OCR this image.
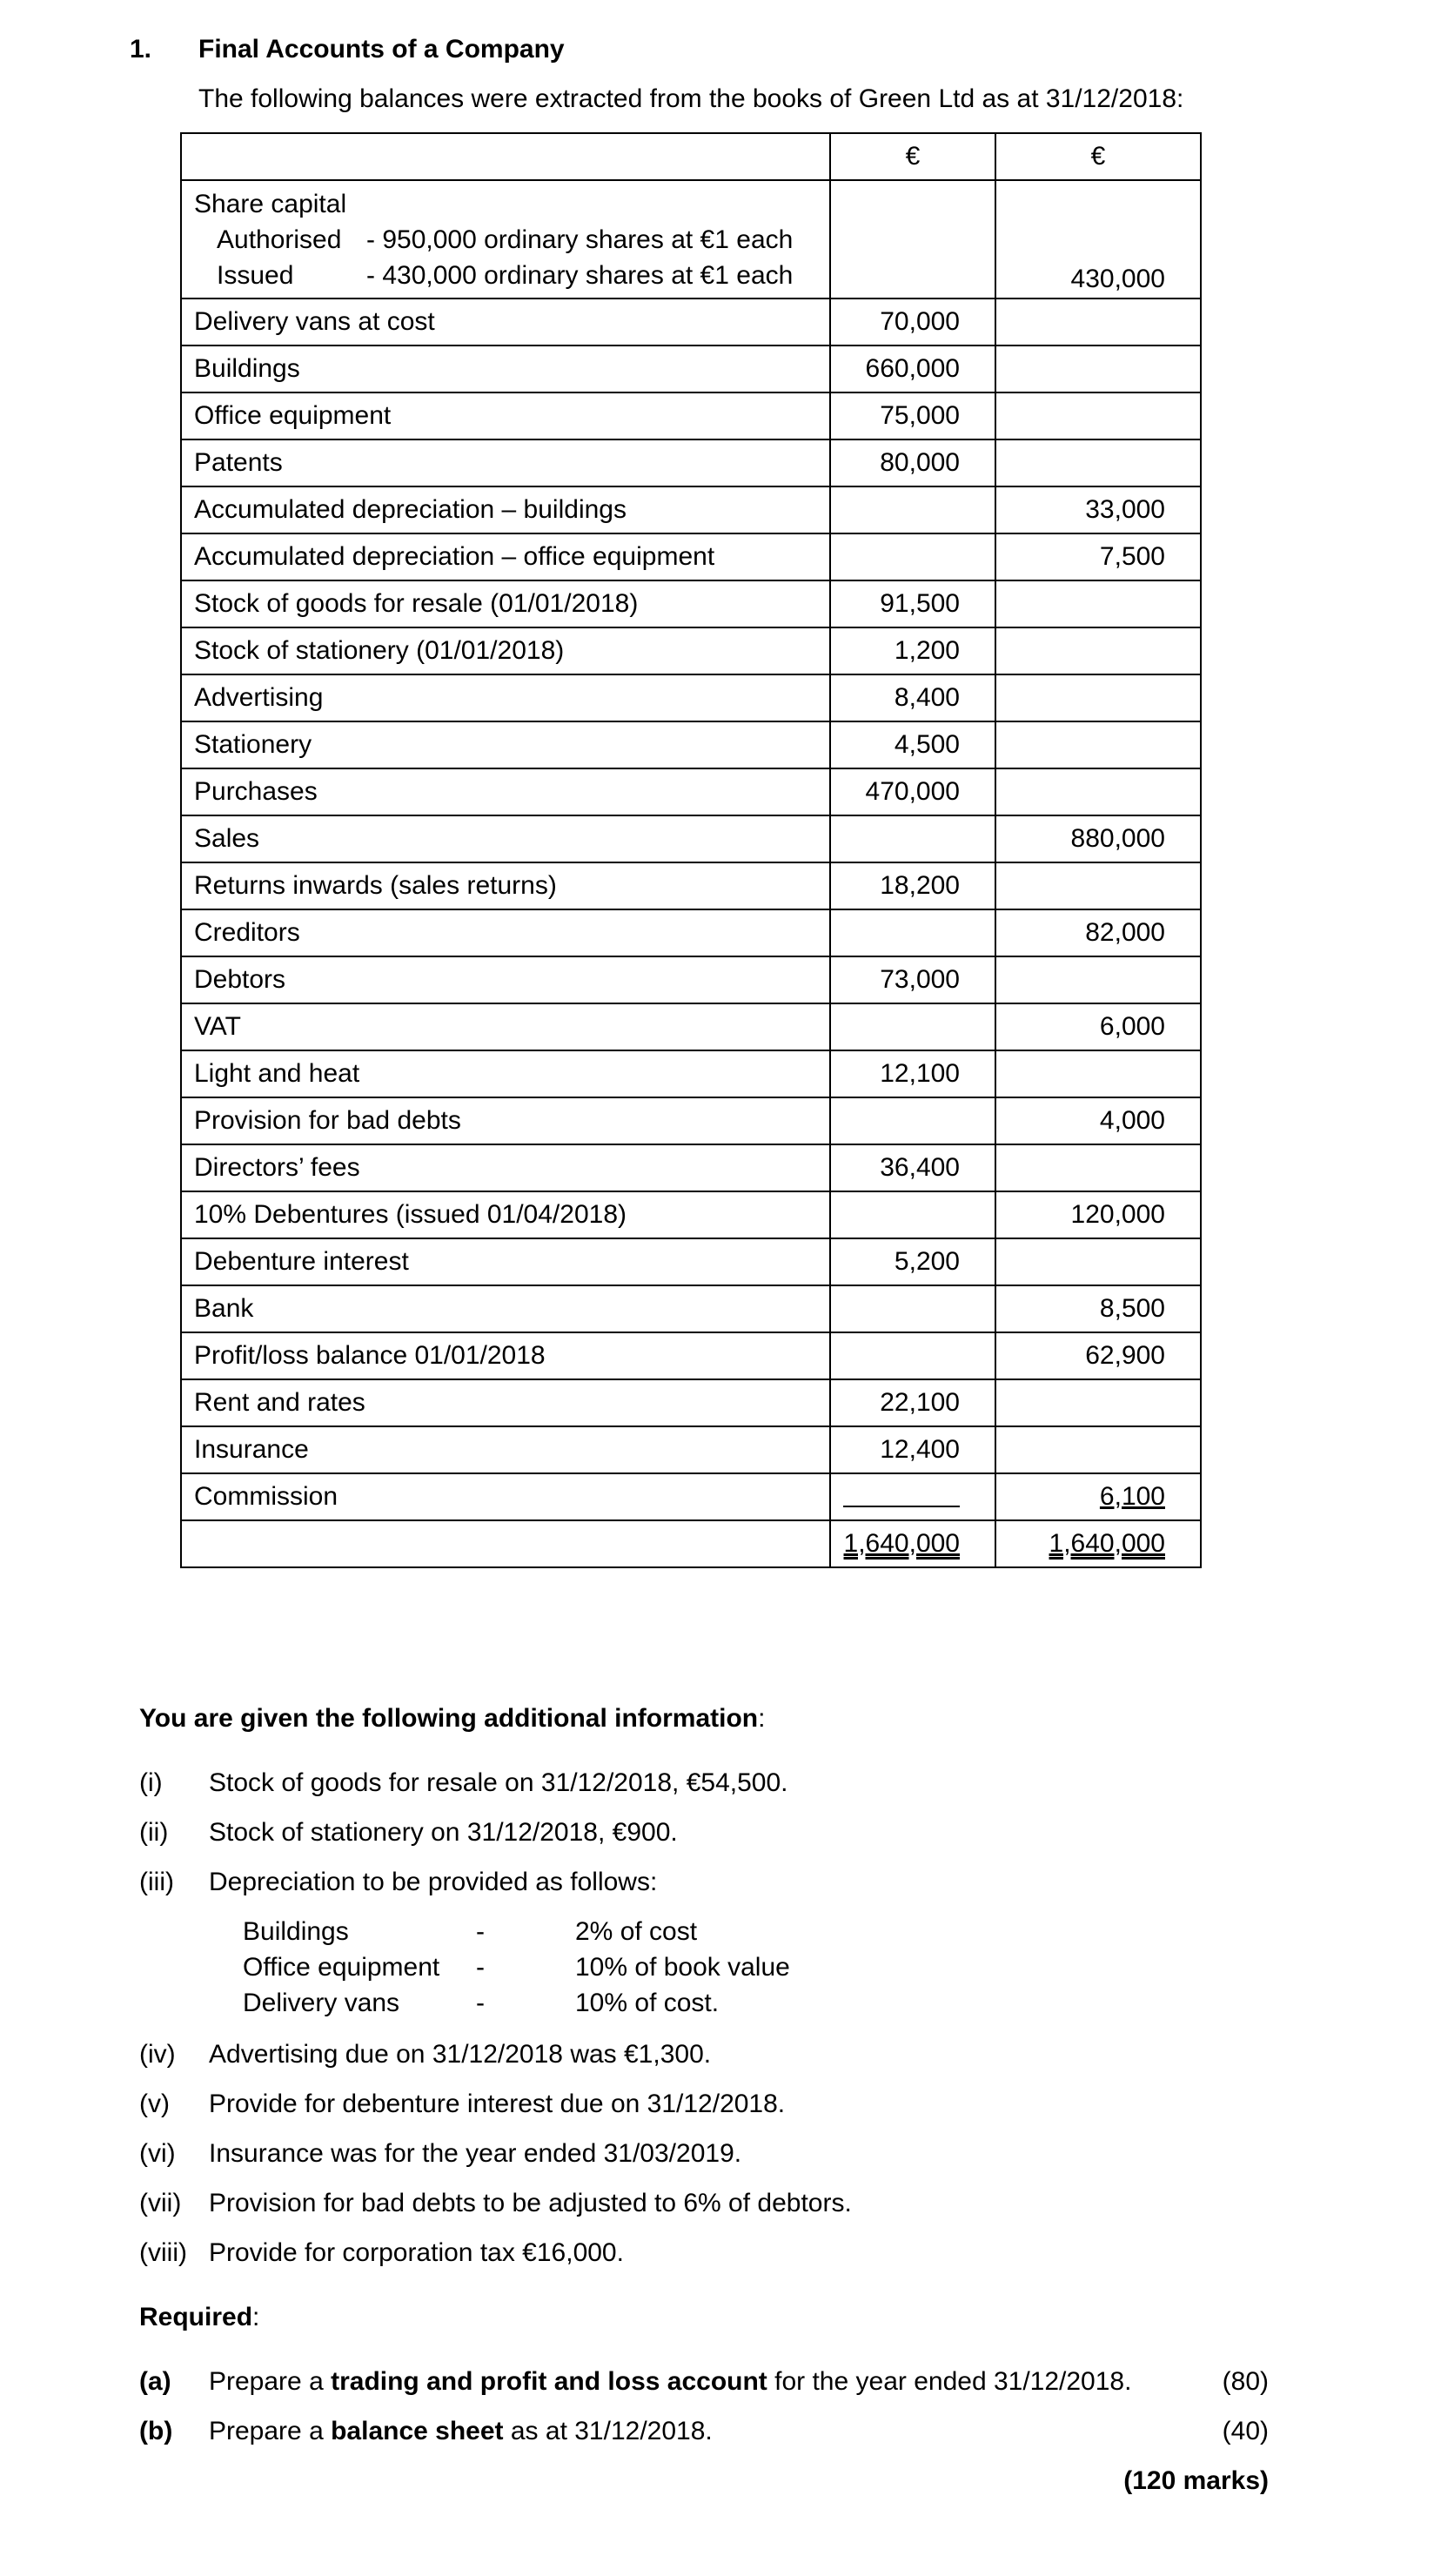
1. Final Accounts of a Company
The following balances were extracted from the books of Green Ltd as at 31/12/2018:
	€	€

Share capital
Authorised - 950,000 ordinary shares at €1 each
Issued - 430,000 ordinary shares at €1 each		430,000
Delivery vans at cost	70,000	
Buildings	660,000	
Office equipment	75,000	
Patents	80,000	
Accumulated depreciation – buildings		33,000
Accumulated depreciation – office equipment		7,500
Stock of goods for resale (01/01/2018)	91,500	
Stock of stationery (01/01/2018)	1,200	
Advertising	8,400	
Stationery	4,500	
Purchases	470,000	
Sales		880,000
Returns inwards (sales returns)	18,200	
Creditors		82,000
Debtors	73,000	
VAT		6,000
Light and heat	12,100	
Provision for bad debts		4,000
Directors’ fees	36,400	
10% Debentures (issued 01/04/2018)		120,000
Debenture interest	5,200	
Bank		8,500
Profit/loss balance 01/01/2018		62,900
Rent and rates	22,100	
Insurance	12,400	
Commission		6,100
	1,640,000	1,640,000
You are given the following additional information:
(i) Stock of goods for resale on 31/12/2018, €54,500.
(ii) Stock of stationery on 31/12/2018, €900.
(iii) Depreciation to be provided as follows:
Buildings	-	2% of cost
Office equipment -	10% of book value
Delivery vans	-	10% of cost.
(iv) Advertising due on 31/12/2018 was €1,300.
(v) Provide for debenture interest due on 31/12/2018.
(vi) Insurance was for the year ended 31/03/2019.
(vii) Provision for bad debts to be adjusted to 6% of debtors.
(viii) Provide for corporation tax €16,000.
Required:
(a) Prepare a trading and profit and loss account for the year ended 31/12/2018.	(80)
(b) Prepare a balance sheet as at 31/12/2018.	(40)
(120 marks)
